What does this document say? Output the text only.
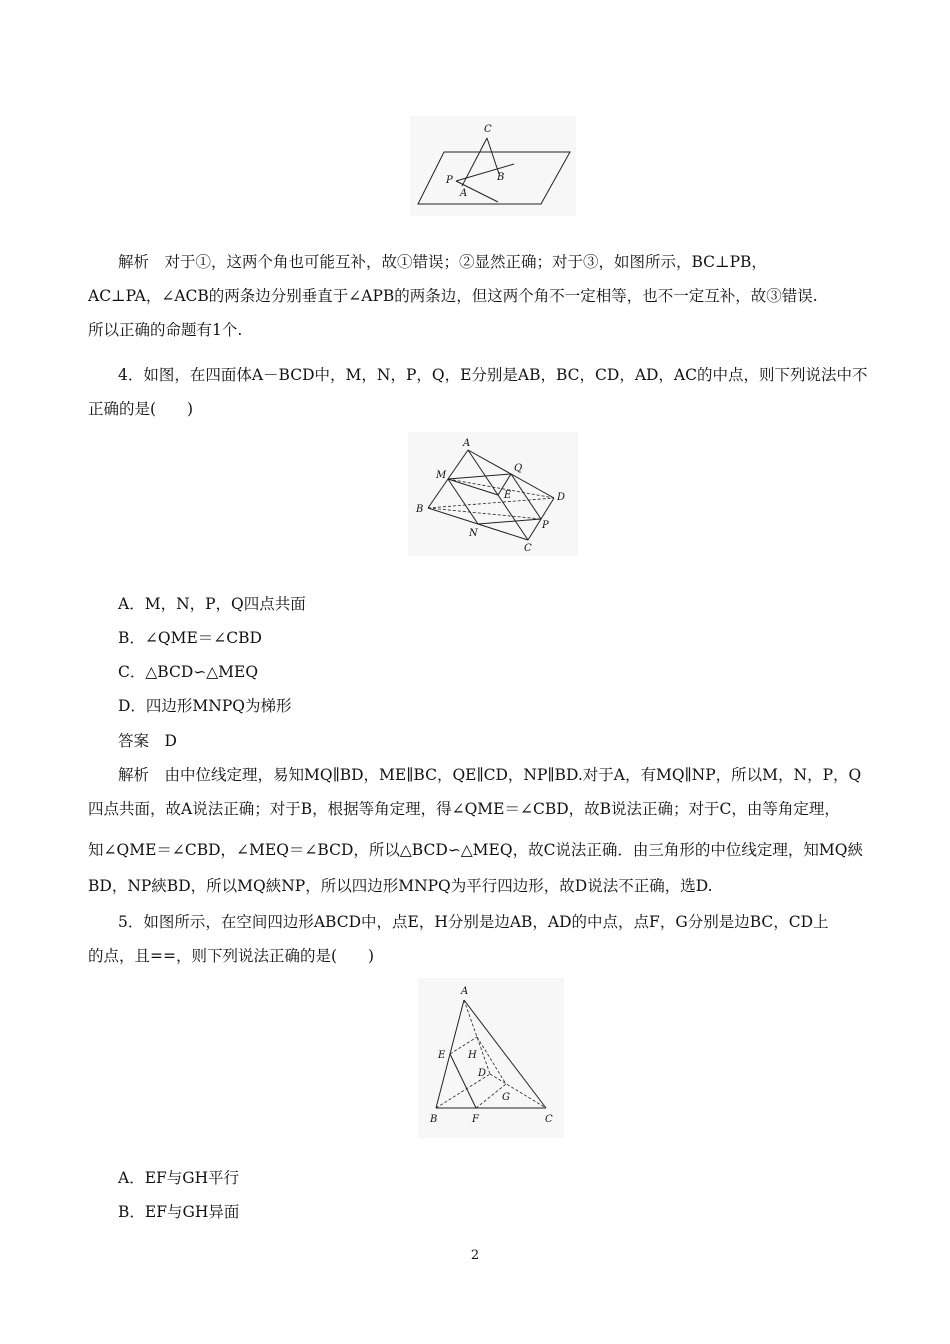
C
P	B
A
解析　对于①，这两个角也可能互补，故①错误；②显然正确；对于③，如图所示，BC⊥PB，
AC⊥PA，∠ACB的两条边分别垂直于∠APB的两条边，但这两个角不一定相等，也不一定互补，故③错误.
所以正确的命题有1个.
4．如图，在四面体A－BCD中，M，N，P，Q，E分别是AB，BC，CD，AD，AC的中点，则下列说法中不
正确的是(　　)
A
M
Q
E	D
B
P
N
C
A．M，N，P，Q四点共面
B．∠QME＝∠CBD
C．△BCD∽△MEQ
D．四边形MNPQ为梯形
答案　D
解析　由中位线定理，易知MQ∥BD，ME∥BC，QE∥CD，NP∥BD.对于A，有MQ∥NP，所以M，N，P，Q
四点共面，故A说法正确；对于B，根据等角定理，得∠QME＝∠CBD，故B说法正确；对于C，由等角定理，
知∠QME＝∠CBD，∠MEQ＝∠BCD，所以△BCD∽△MEQ，故C说法正确．由三角形的中位线定理，知MQ綊
BD，NP綊BD，所以MQ綊NP，所以四边形MNPQ为平行四边形，故D说法不正确，选D.
5．如图所示，在空间四边形ABCD中，点E，H分别是边AB，AD的中点，点F，G分别是边BC，CD上
的点，且==，则下列说法正确的是(　　)
A
E H
D
G
B	F	C
A．EF与GH平行
B．EF与GH异面
2
